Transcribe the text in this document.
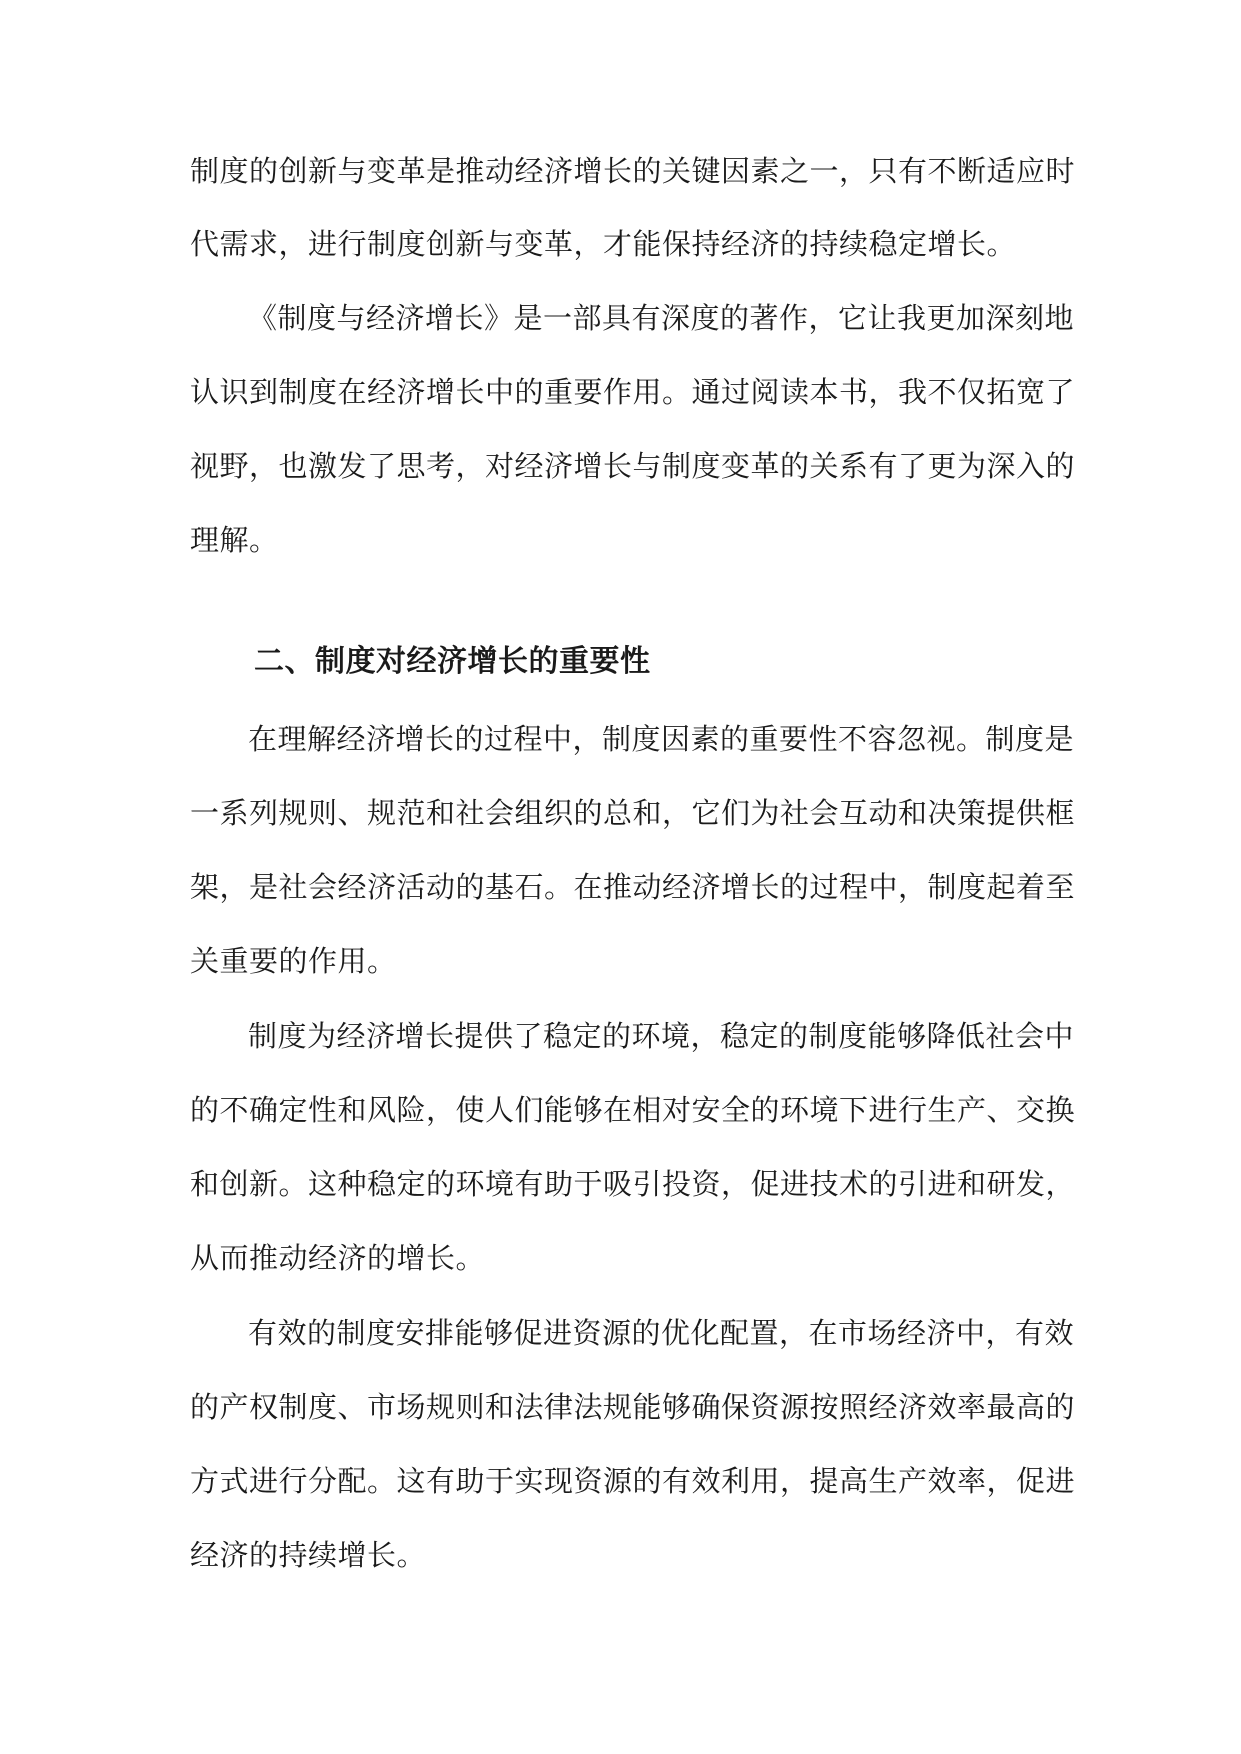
制度的创新与变革是推动经济增长的关键因素之一，只有不断适应时
代需求，进行制度创新与变革，才能保持经济的持续稳定增长。
《制度与经济增长》是一部具有深度的著作，它让我更加深刻地
认识到制度在经济增长中的重要作用。通过阅读本书，我不仅拓宽了
视野，也激发了思考，对经济增长与制度变革的关系有了更为深入的
理解。
二、制度对经济增长的重要性
在理解经济增长的过程中，制度因素的重要性不容忽视。制度是
一系列规则、规范和社会组织的总和，它们为社会互动和决策提供框
架，是社会经济活动的基石。在推动经济增长的过程中，制度起着至
关重要的作用。
制度为经济增长提供了稳定的环境，稳定的制度能够降低社会中
的不确定性和风险，使人们能够在相对安全的环境下进行生产、交换
和创新。这种稳定的环境有助于吸引投资，促进技术的引进和研发，
从而推动经济的增长。
有效的制度安排能够促进资源的优化配置，在市场经济中，有效
的产权制度、市场规则和法律法规能够确保资源按照经济效率最高的
方式进行分配。这有助于实现资源的有效利用，提高生产效率，促进
经济的持续增长。
